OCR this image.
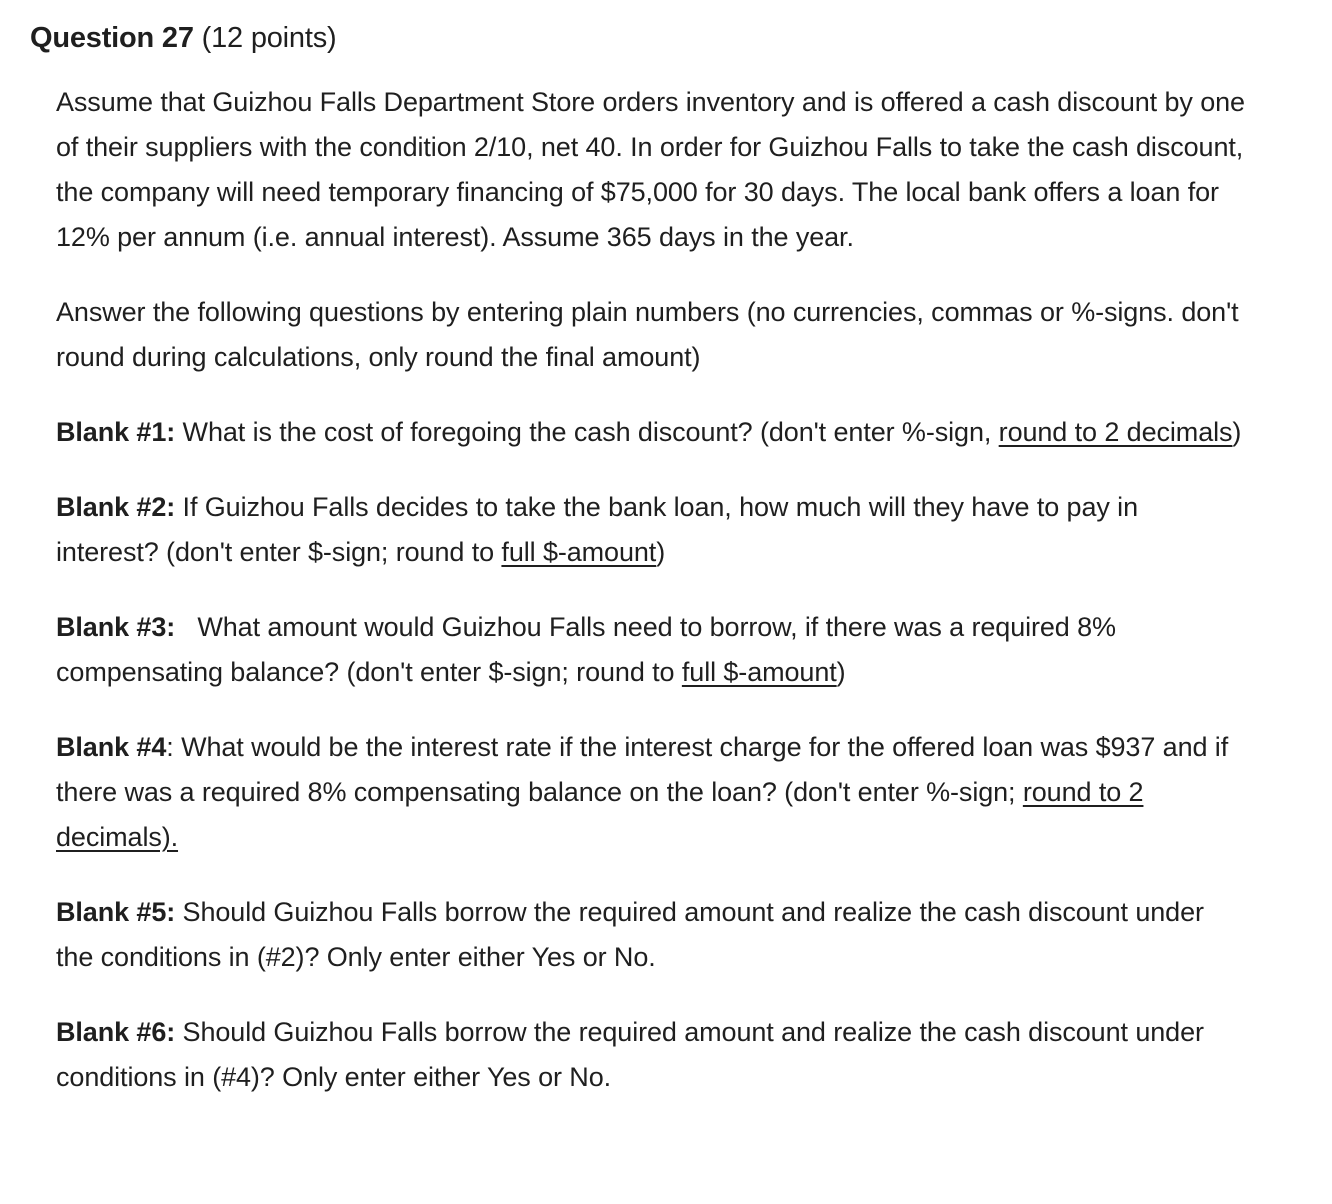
Question 27 (12 points)

Assume that Guizhou Falls Department Store orders inventory and is offered a cash discount by one of their suppliers with the condition 2/10, net 40. In order for Guizhou Falls to take the cash discount, the company will need temporary financing of $75,000 for 30 days. The local bank offers a loan for 12% per annum (i.e. annual interest). Assume 365 days in the year.

Answer the following questions by entering plain numbers (no currencies, commas or %-signs. don't round during calculations, only round the final amount)

Blank #1: What is the cost of foregoing the cash discount? (don't enter %-sign, round to 2 decimals)

Blank #2: If Guizhou Falls decides to take the bank loan, how much will they have to pay in interest? (don't enter $-sign; round to full $-amount)

Blank #3:   What amount would Guizhou Falls need to borrow, if there was a required 8% compensating balance? (don't enter $-sign; round to full $-amount)

Blank #4: What would be the interest rate if the interest charge for the offered loan was $937 and if there was a required 8% compensating balance on the loan? (don't enter %-sign; round to 2 decimals).

Blank #5: Should Guizhou Falls borrow the required amount and realize the cash discount under the conditions in (#2)? Only enter either Yes or No.

Blank #6: Should Guizhou Falls borrow the required amount and realize the cash discount under conditions in (#4)? Only enter either Yes or No.
